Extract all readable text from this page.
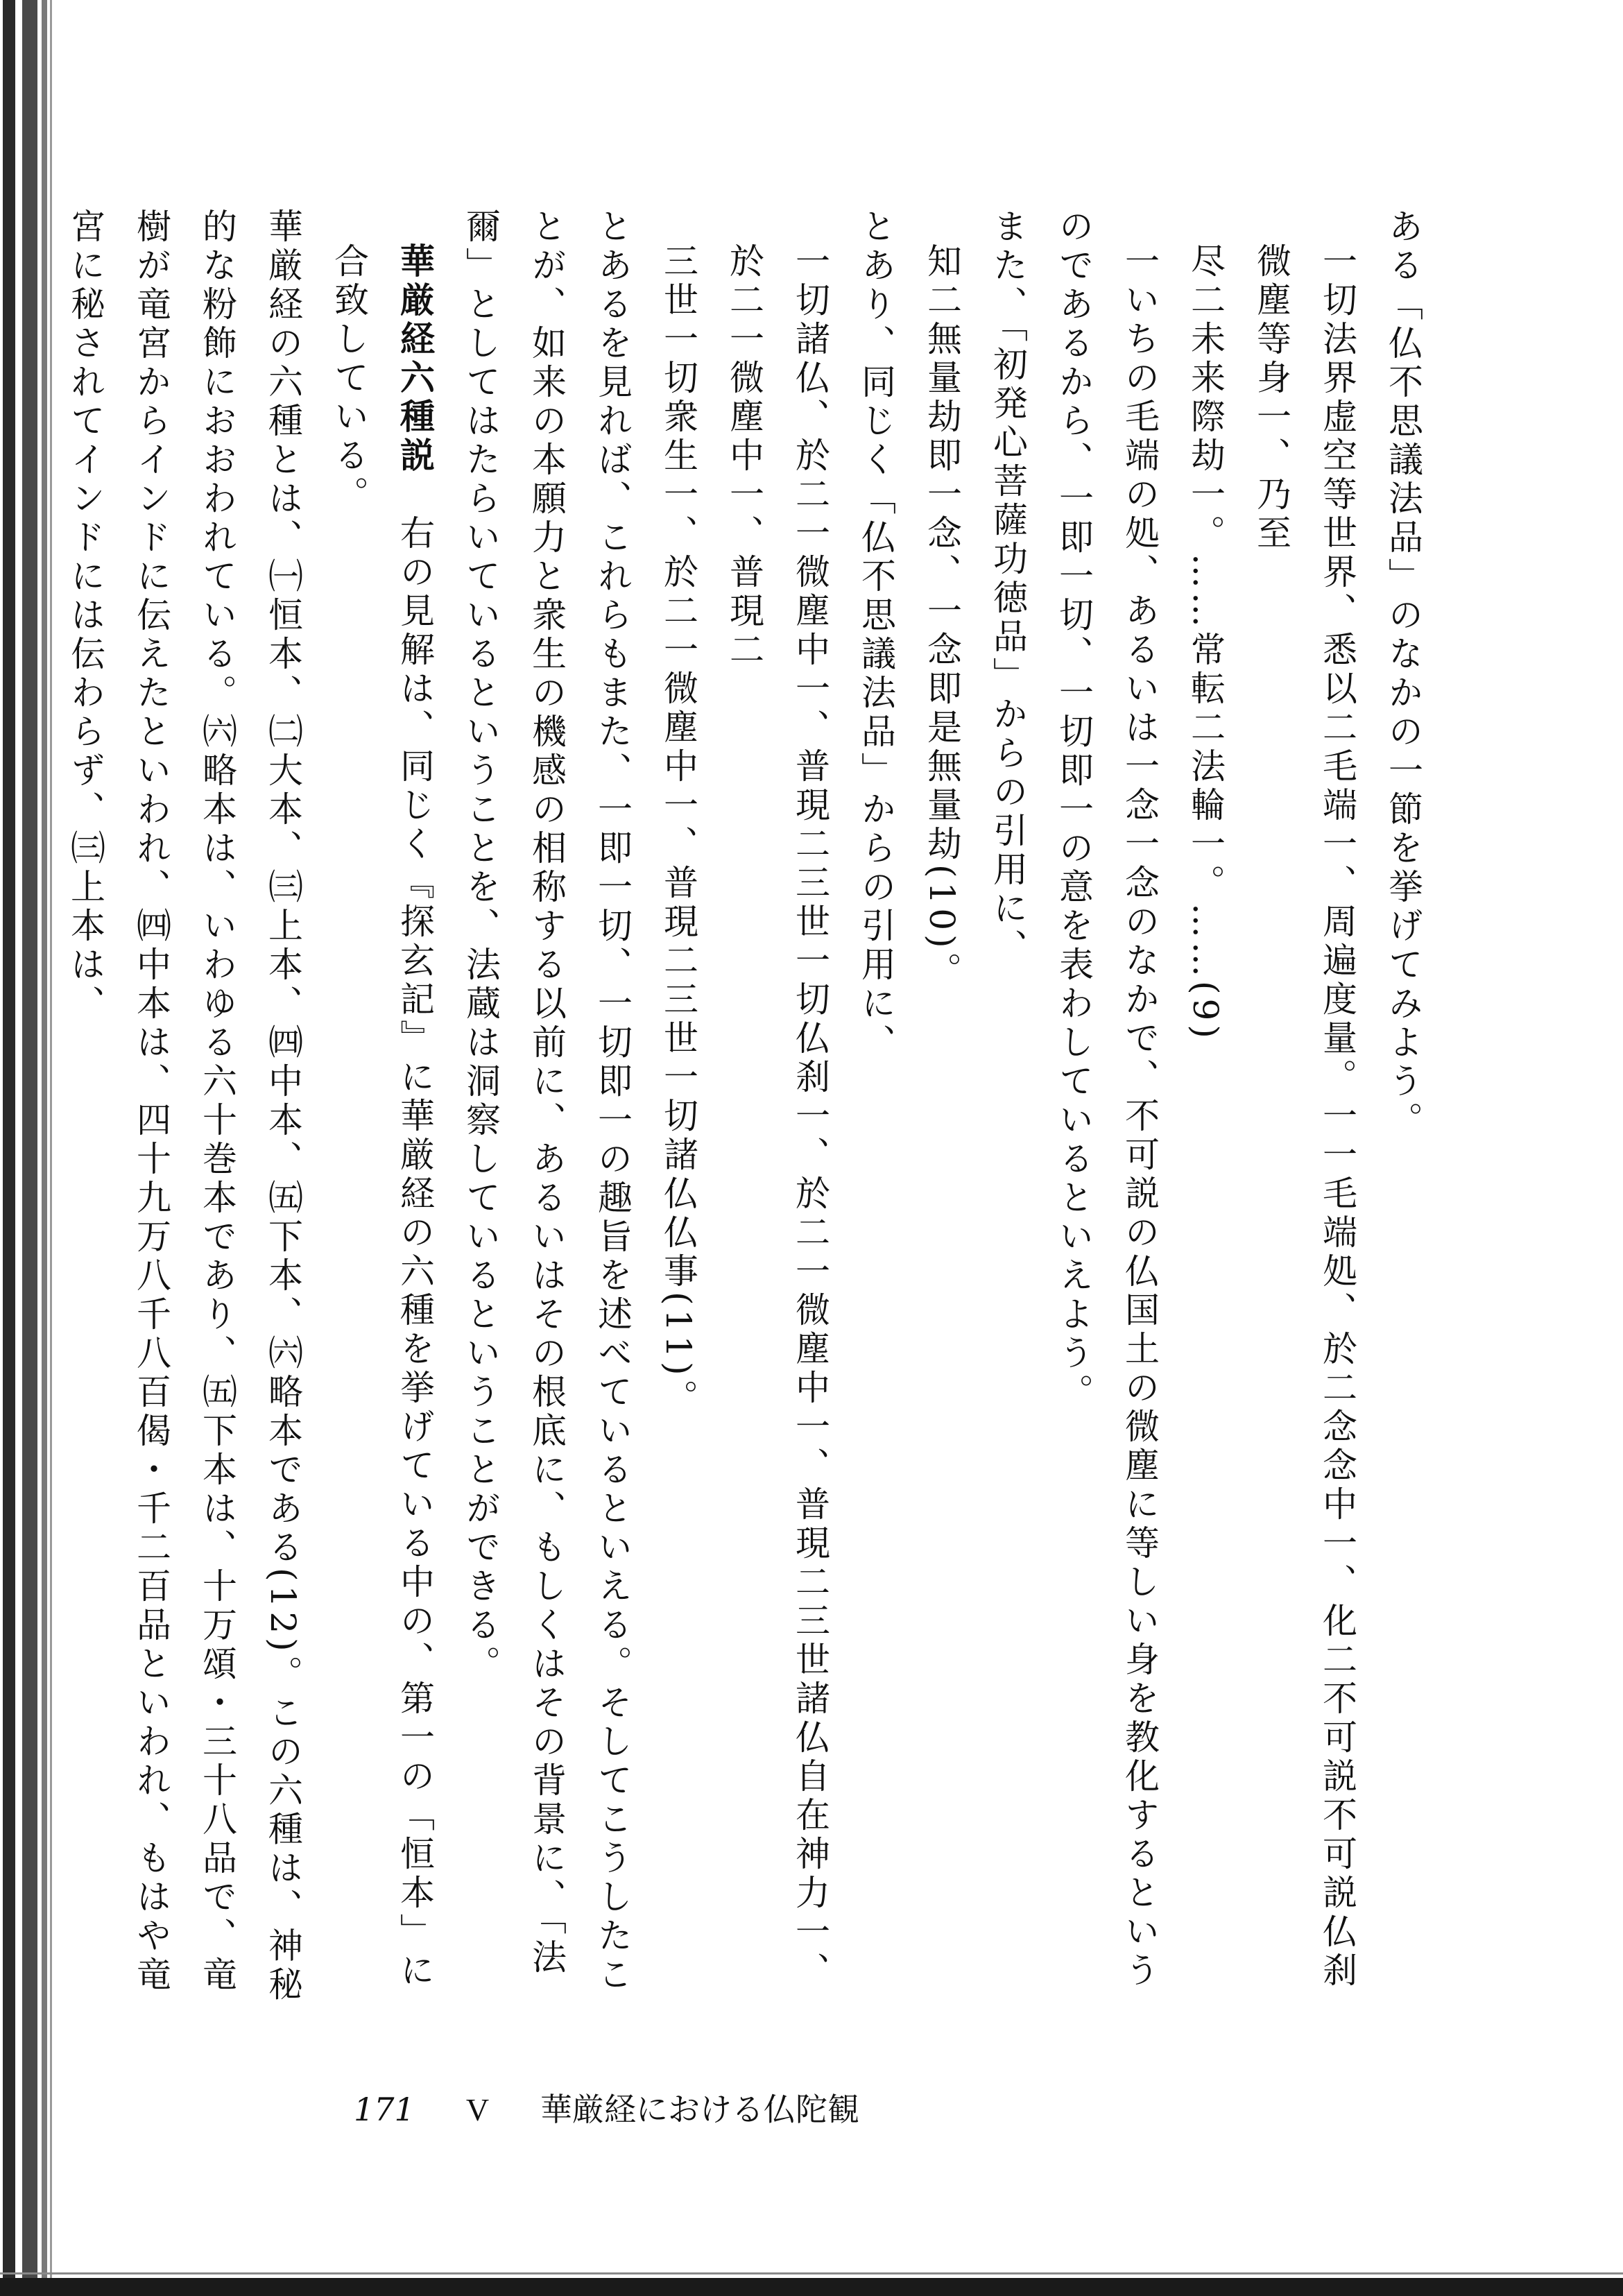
ある「仏不思議法品」のなかの一節を挙げてみよう。

一切法界虚空等世界、悉以二毛端一、周遍度量。一一毛端処、於二念念中一、化二不可説不可説仏刹微塵等身一、乃至

尽二未来際劫一。……常転二法輪一。……(9)

一いちの毛端の処、あるいは一念一念のなかで、不可説の仏国土の微塵に等しい身を教化するというのであるから、一即一切、一切即一の意を表わしているといえよう。

また、「初発心菩薩功徳品」からの引用に、

知二無量劫即一念、一念即是無量劫(10)。

とあり、同じく「仏不思議法品」からの引用に、

一切諸仏、於二一微塵中一、普現二三世一切仏刹一、於二一微塵中一、普現二三世諸仏自在神力一、於二一微塵中一、普現二

三世一切衆生一、於二一微塵中一、普現二三世一切諸仏仏事(11)。

とあるを見れば、これらもまた、一即一切、一切即一の趣旨を述べているといえる。そしてこうしたことが、如来の本願力と衆生の機感の相称する以前に、あるいはその根底に、もしくはその背景に、「法爾」としてはたらいているということを、法蔵は洞察しているということができる。

華厳経六種説　右の見解は、同じく『探玄記』に華厳経の六種を挙げている中の、第一の「恒本」に合致している。

華厳経の六種とは、㈠恒本、㈡大本、㈢上本、㈣中本、㈤下本、㈥略本である(12)。この六種は、神秘的な粉飾におおわれている。㈥略本は、いわゆる六十巻本であり、㈤下本は、十万頌・三十八品で、竜樹が竜宮からインドに伝えたといわれ、㈣中本は、四十九万八千八百偈・千二百品といわれ、もはや竜宮に秘されてインドには伝わらず、㈢上本は、

171 V 華厳経における仏陀観
